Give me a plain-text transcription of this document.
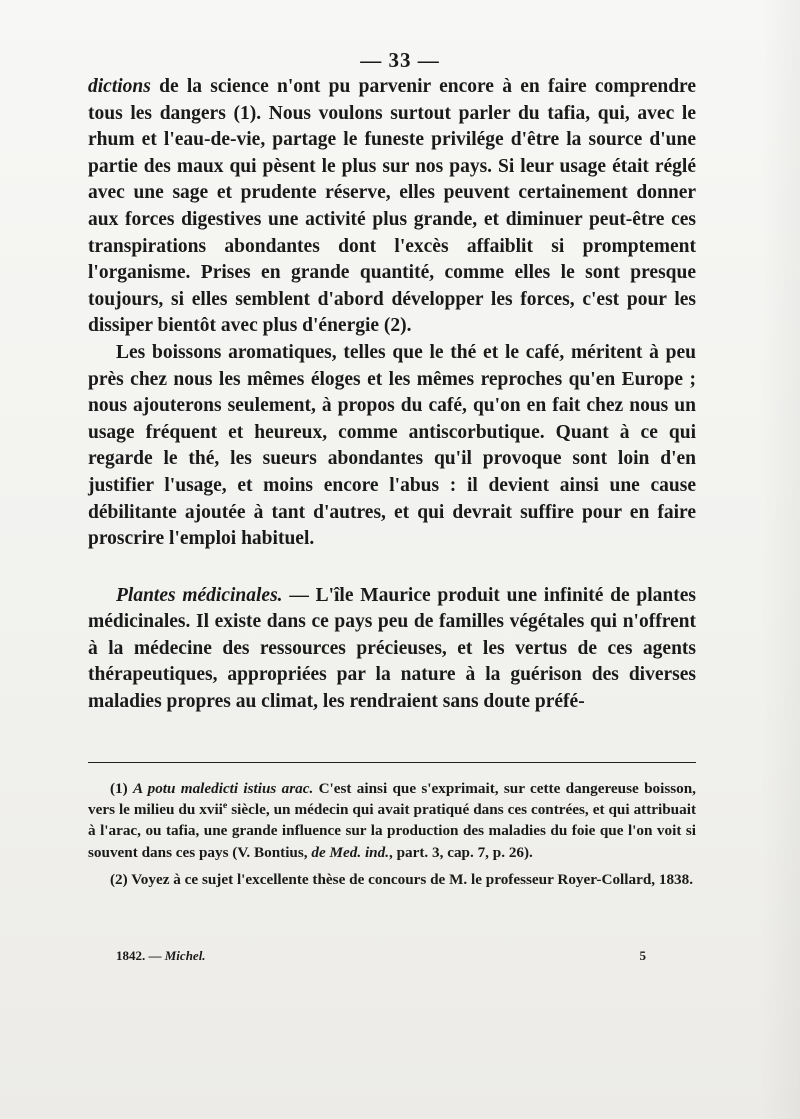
— 33 —

dictions de la science n'ont pu parvenir encore à en faire comprendre tous les dangers (1). Nous voulons surtout parler du tafia, qui, avec le rhum et l'eau-de-vie, partage le funeste privilége d'être la source d'une partie des maux qui pèsent le plus sur nos pays. Si leur usage était réglé avec une sage et prudente réserve, elles peuvent certainement donner aux forces digestives une activité plus grande, et diminuer peut-être ces transpirations abondantes dont l'excès affaiblit si promptement l'organisme. Prises en grande quantité, comme elles le sont presque toujours, si elles semblent d'abord développer les forces, c'est pour les dissiper bientôt avec plus d'énergie (2).

Les boissons aromatiques, telles que le thé et le café, méritent à peu près chez nous les mêmes éloges et les mêmes reproches qu'en Europe ; nous ajouterons seulement, à propos du café, qu'on en fait chez nous un usage fréquent et heureux, comme antiscorbutique. Quant à ce qui regarde le thé, les sueurs abondantes qu'il provoque sont loin d'en justifier l'usage, et moins encore l'abus : il devient ainsi une cause débilitante ajoutée à tant d'autres, et qui devrait suffire pour en faire proscrire l'emploi habituel.

Plantes médicinales. — L'île Maurice produit une infinité de plantes médicinales. Il existe dans ce pays peu de familles végétales qui n'offrent à la médecine des ressources précieuses, et les vertus de ces agents thérapeutiques, appropriées par la nature à la guérison des diverses maladies propres au climat, les rendraient sans doute préfé-

(1) A potu maledicti istius arac. C'est ainsi que s'exprimait, sur cette dangereuse boisson, vers le milieu du xvii$^e$ siècle, un médecin qui avait pratiqué dans ces contrées, et qui attribuait à l'arac, ou tafia, une grande influence sur la production des maladies du foie que l'on voit si souvent dans ces pays (V. Bontius, de Med. ind., part. 3, cap. 7, p. 26).

(2) Voyez à ce sujet l'excellente thèse de concours de M. le professeur Royer-Collard, 1838.

1842. — Michel.	5
